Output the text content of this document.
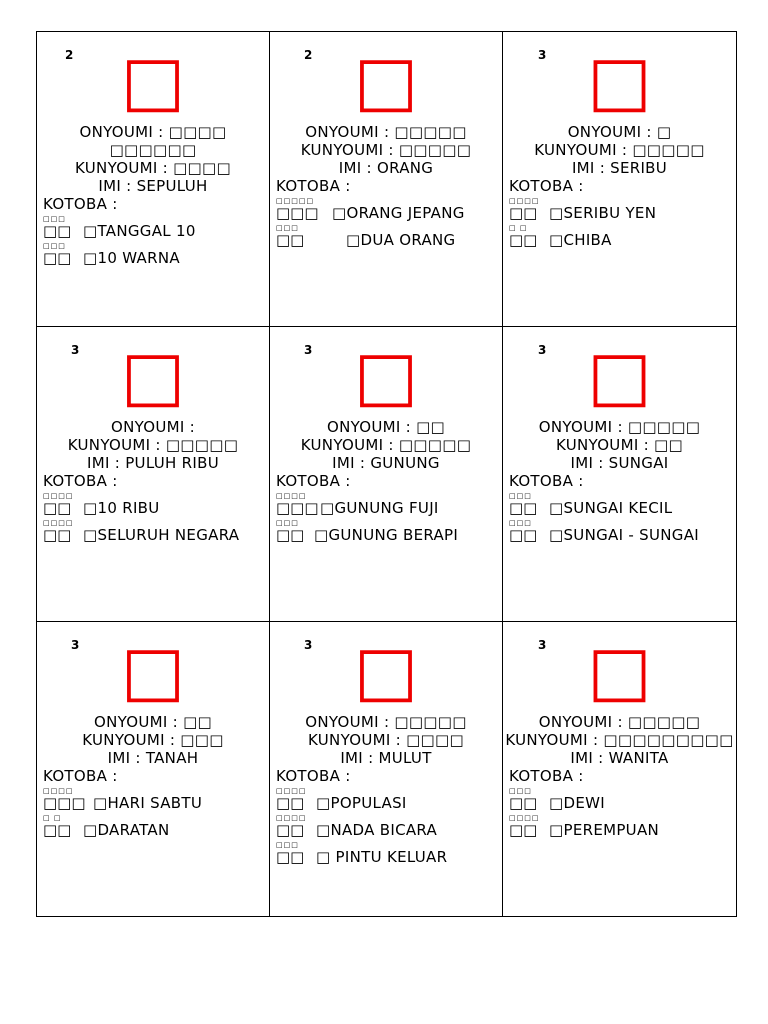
2 □
ONYOUMI : □□□□
□□□□□□
KUNYOUMI : □□□□
IMI : SEPULUH
KOTOBA :
□□□
□□ □TANGGAL 10
□□□
□□ □10 WARNA
2 □
ONYOUMI : □□□□□
KUNYOUMI : □□□□□
IMI : ORANG
KOTOBA :
□□□□□
□□□ □ORANG JEPANG
□□□
□□	□DUA ORANG
3 □
ONYOUMI : □
KUNYOUMI : □□□□□
IMI : SERIBU
KOTOBA :
□□□□
□□ □SERIBU YEN
□ □
□□ □CHIBA
3 □
ONYOUMI :
KUNYOUMI : □□□□□
IMI : PULUH RIBU
KOTOBA :
□□□□
□□ □10 RIBU
□□□□
□□ □SELURUH NEGARA
3 □
ONYOUMI : □□
KUNYOUMI : □□□□□
IMI : GUNUNG
KOTOBA :
□□□□
□□□ □GUNUNG FUJI
□□□
□□ □GUNUNG BERAPI
3 □
ONYOUMI : □□□□□
KUNYOUMI : □□
IMI : SUNGAI
KOTOBA :
□□□
□□ □SUNGAI KECIL
□□□
□□ □SUNGAI - SUNGAI
3 □
ONYOUMI : □□
KUNYOUMI : □□□
IMI : TANAH
KOTOBA :
□□□□
□□□ □HARI SABTU
□ □
□□ □DARATAN
3 □
ONYOUMI : □□□□□
KUNYOUMI : □□□□
IMI : MULUT
KOTOBA :
□□□□
□□ □POPULASI
□□□□
□□ □NADA BICARA
□□□
□□ □ PINTU KELUAR
3 □
ONYOUMI : □□□□□
KUNYOUMI : □□□□□□□□□
IMI : WANITA
KOTOBA :
□□□
□□ □DEWI
□□□□
□□ □PEREMPUAN
